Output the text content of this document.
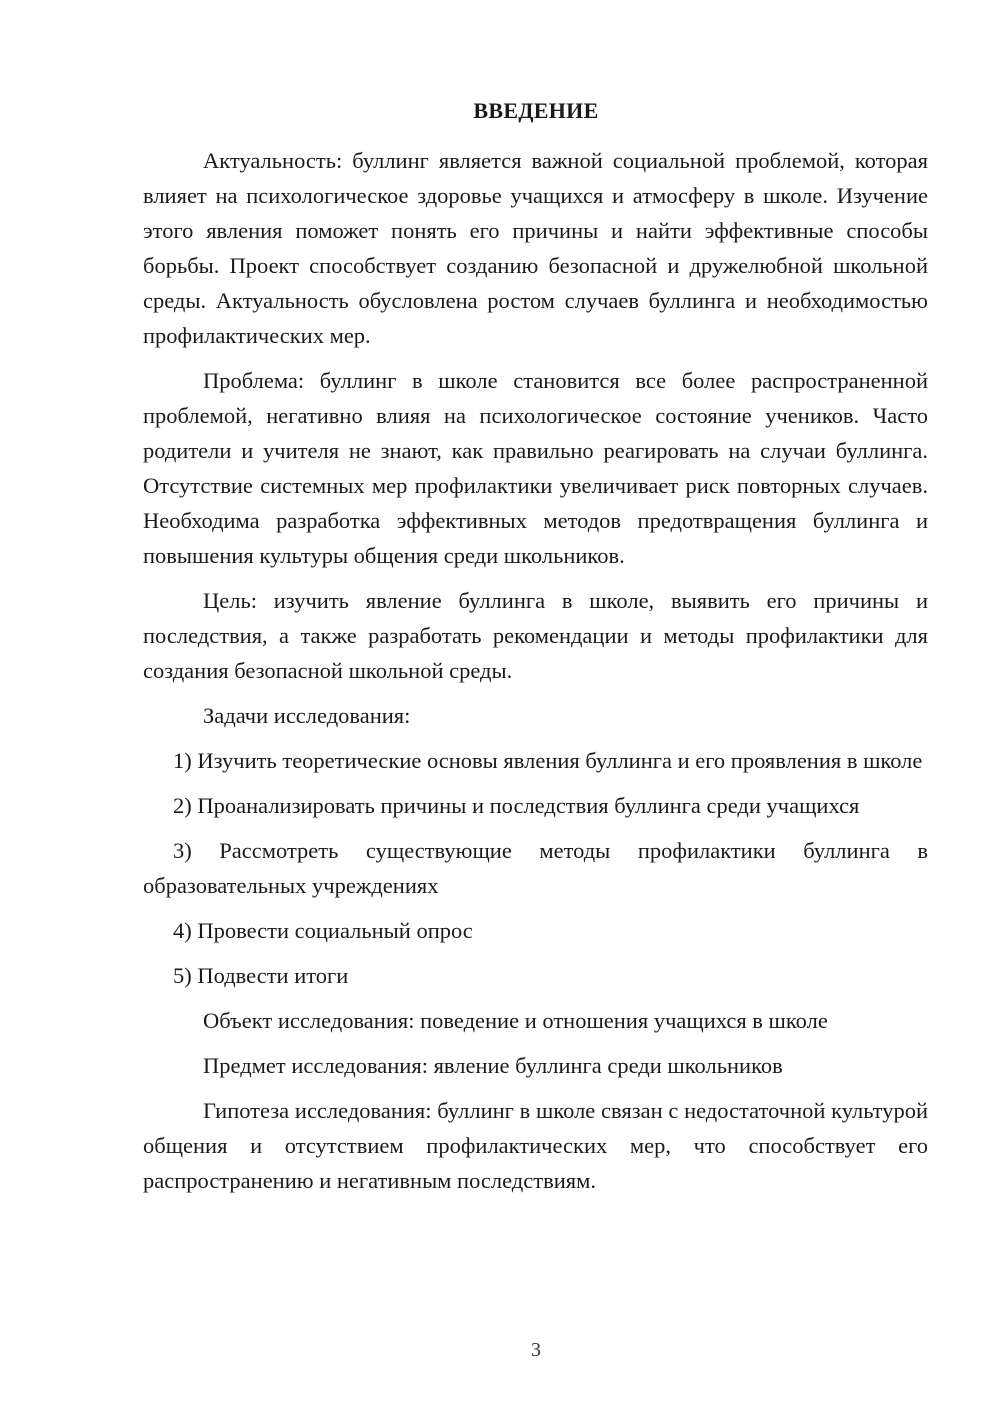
ВВЕДЕНИЕ

Актуальность: буллинг является важной социальной проблемой, которая влияет на психологическое здоровье учащихся и атмосферу в школе. Изучение этого явления поможет понять его причины и найти эффективные способы борьбы. Проект способствует созданию безопасной и дружелюбной школьной среды. Актуальность обусловлена ростом случаев буллинга и необходимостью профилактических мер.

Проблема: буллинг в школе становится все более распространенной проблемой, негативно влияя на психологическое состояние учеников. Часто родители и учителя не знают, как правильно реагировать на случаи буллинга. Отсутствие системных мер профилактики увеличивает риск повторных случаев. Необходима разработка эффективных методов предотвращения буллинга и повышения культуры общения среди школьников.

Цель: изучить явление буллинга в школе, выявить его причины и последствия, а также разработать рекомендации и методы профилактики для создания безопасной школьной среды.

Задачи исследования:

1) Изучить теоретические основы явления буллинга и его проявления в школе

2) Проанализировать причины и последствия буллинга среди учащихся

3) Рассмотреть существующие методы профилактики буллинга в образовательных учреждениях

4) Провести социальный опрос

5) Подвести итоги

Объект исследования: поведение и отношения учащихся в школе

Предмет исследования: явление буллинга среди школьников

Гипотеза исследования: буллинг в школе связан с недостаточной культурой общения и отсутствием профилактических мер, что способствует его распространению и негативным последствиям.

3
